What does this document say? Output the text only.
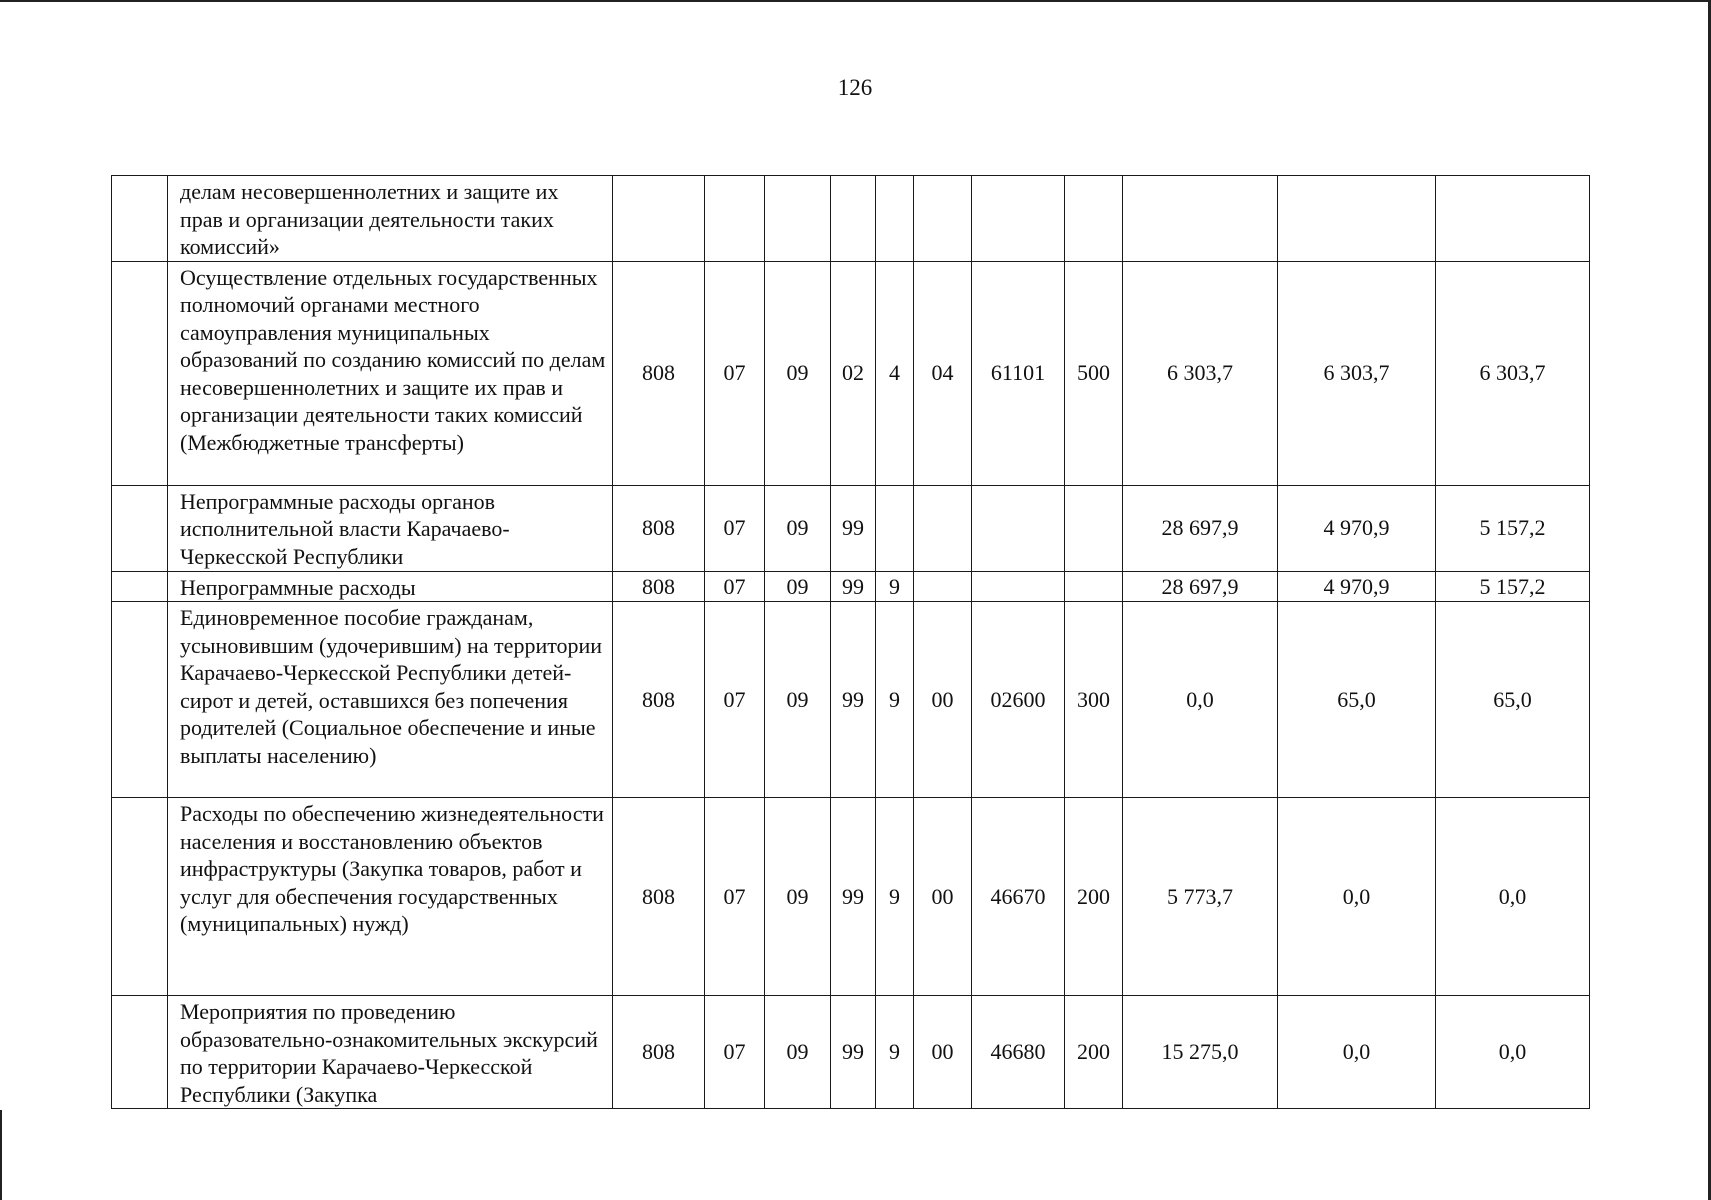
126
	делам несовершеннолетних и защите их прав и организации деятельности таких комиссий»											
	Осуществление отдельных государственных полномочий органами местного самоуправления муниципальных образований по созданию комиссий по делам несовершеннолетних и защите их прав и организации деятельности таких комиссий (Межбюджетные трансферты)	808	07	09	02	4	04	61101	500	6 303,7	6 303,7	6 303,7
	Непрограммные расходы органов исполнительной власти Карачаево-Черкесской Республики	808	07	09	99					28 697,9	4 970,9	5 157,2
	Непрограммные расходы	808	07	09	99	9				28 697,9	4 970,9	5 157,2
	Единовременное пособие гражданам, усыновившим (удочерившим) на территории Карачаево-Черкесской Республики детей-сирот и детей, оставшихся без попечения родителей (Социальное обеспечение и иные выплаты населению)	808	07	09	99	9	00	02600	300	0,0	65,0	65,0
	Расходы по обеспечению жизнедеятельности населения и восстановлению объектов инфраструктуры (Закупка товаров, работ и услуг для обеспечения государственных (муниципальных) нужд)	808	07	09	99	9	00	46670	200	5 773,7	0,0	0,0
	Мероприятия по проведению образовательно-ознакомительных экскурсий по территории Карачаево-Черкесской Республики (Закупка	808	07	09	99	9	00	46680	200	15 275,0	0,0	0,0
